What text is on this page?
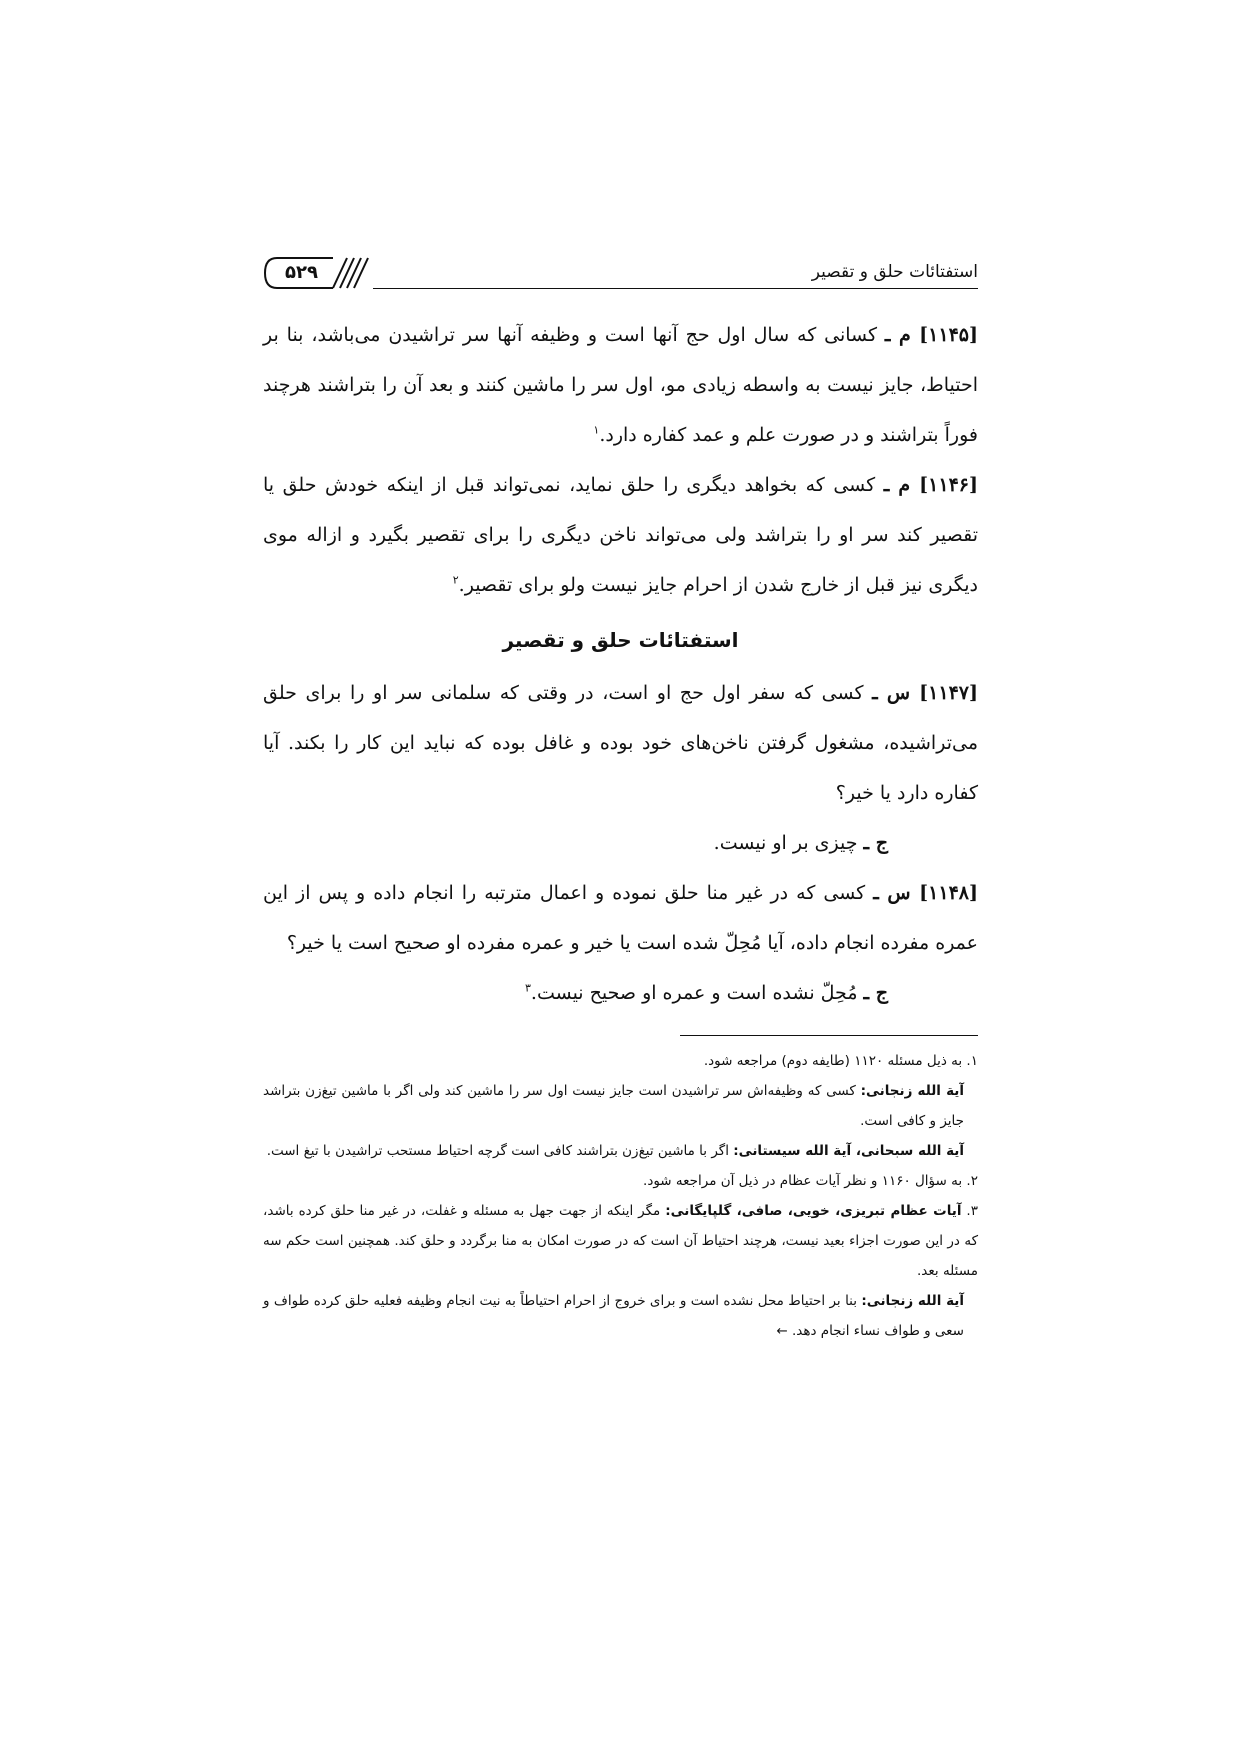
استفتائات حلق و تقصیر
۵۲۹

[۱۱۴۵] م ـ کسانی که سال اول حج آنها است و وظیفه آنها سر تراشیدن می‌باشد، بنا بر احتیاط، جایز نیست به واسطه زیادی مو، اول سر را ماشین کنند و بعد آن را بتراشند هرچند فوراً بتراشند و در صورت علم و عمد کفاره دارد.$^۱$

[۱۱۴۶] م ـ کسی که بخواهد دیگری را حلق نماید، نمی‌تواند قبل از اینکه خودش حلق یا تقصیر کند سر او را بتراشد ولی می‌تواند ناخن دیگری را برای تقصیر بگیرد و ازاله موی دیگری نیز قبل از خارج شدن از احرام جایز نیست ولو برای تقصیر.$^۲$

استفتائات حلق و تقصیر

[۱۱۴۷] س ـ کسی که سفر اول حج او است، در وقتی که سلمانی سر او را برای حلق می‌تراشیده، مشغول گرفتن ناخن‌های خود بوده و غافل بوده که نباید این کار را بکند. آیا کفاره دارد یا خیر؟

ج ـ چیزی بر او نیست.

[۱۱۴۸] س ـ کسی که در غیر منا حلق نموده و اعمال مترتبه را انجام داده و پس از این عمره مفرده انجام داده، آیا مُحِلّ شده است یا خیر و عمره مفرده او صحیح است یا خیر؟

ج ـ مُحِلّ نشده است و عمره او صحیح نیست.$^۳$

۱. به ذیل مسئله ۱۱۲۰ (طایفه دوم) مراجعه شود.

آیة الله زنجانی: کسی که وظیفه‌اش سر تراشیدن است جایز نیست اول سر را ماشین کند ولی اگر با ماشین تیغ‌زن بتراشد جایز و کافی است.

آیة الله سبحانی، آیة الله سیستانی: اگر با ماشین تیغ‌زن بتراشند کافی است گرچه احتیاط مستحب تراشیدن با تیغ است.

۲. به سؤال ۱۱۶۰ و نظر آیات عظام در ذیل آن مراجعه شود.

۳. آیات عظام تبریزی، خویی، صافی، گلپایگانی: مگر اینکه از جهت جهل به مسئله و غفلت، در غیر منا حلق کرده باشد، که در این صورت اجزاء بعید نیست، هرچند احتیاط آن است که در صورت امکان به منا برگردد و حلق کند. همچنین است حکم سه مسئله بعد.

آیة الله زنجانی: بنا بر احتیاط محل نشده است و برای خروج از احرام احتیاطاً به نیت انجام وظیفه فعلیه حلق کرده طواف و سعی و طواف نساء انجام دهد. ←
